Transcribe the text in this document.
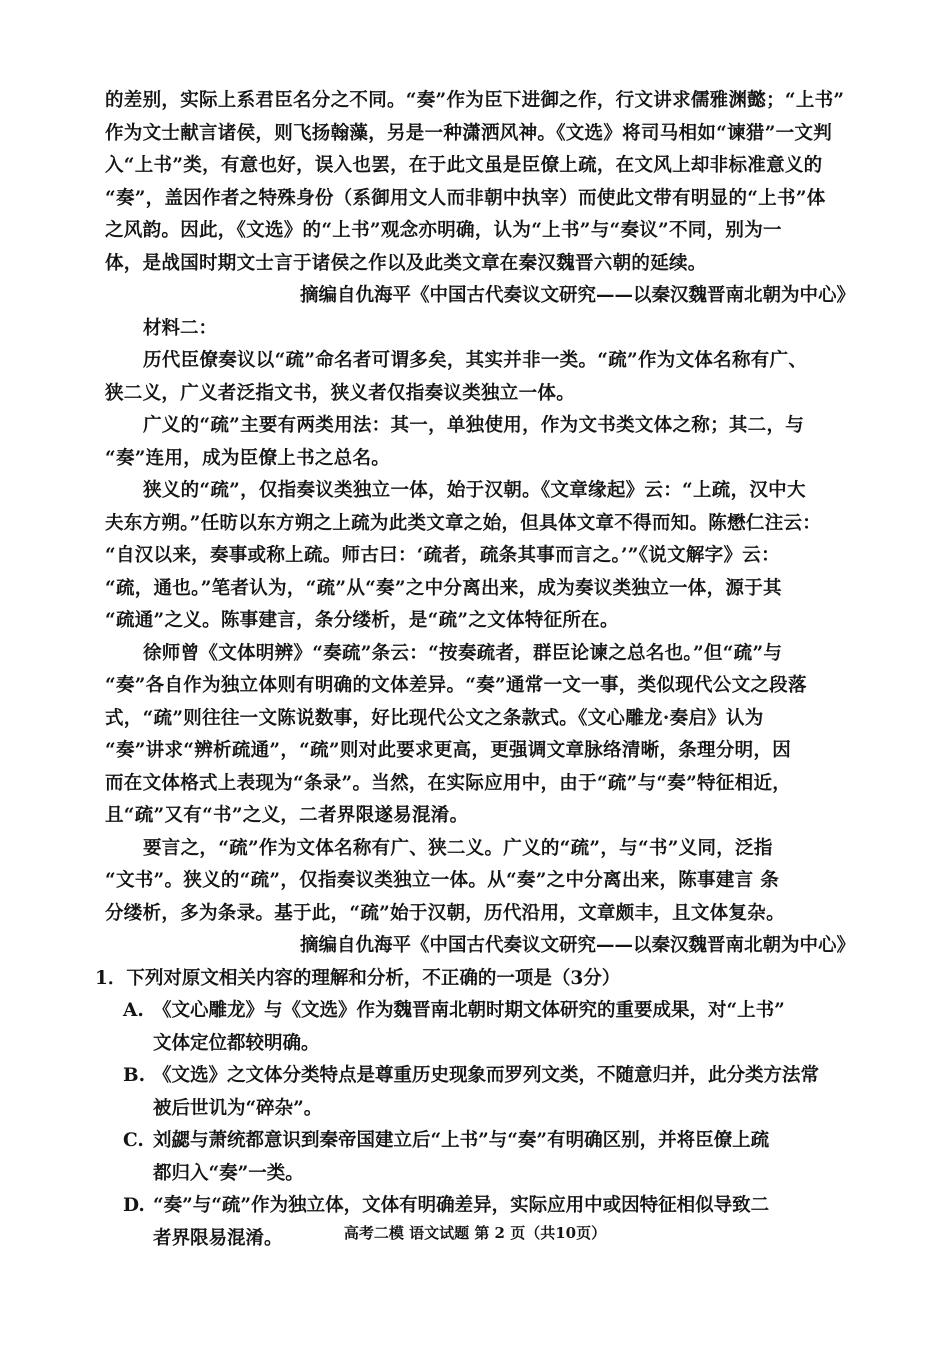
的差别，实际上系君臣名分之不同。“奏”作为臣下进御之作，行文讲求儒雅渊懿；“上书”
作为文士献言诸侯，则飞扬翰藻，另是一种潇洒风神。《文选》将司马相如“谏猎”一文判
入“上书”类，有意也好，误入也罢，在于此文虽是臣僚上疏，在文风上却非标准意义的
“奏”，盖因作者之特殊身份（系御用文人而非朝中执宰）而使此文带有明显的“上书”体
之风韵。因此，《文选》的“上书”观念亦明确，认为“上书”与“奏议”不同，别为一
体，是战国时期文士言于诸侯之作以及此类文章在秦汉魏晋六朝的延续。
摘编自仇海平《中国古代奏议文研究——以秦汉魏晋南北朝为中心》
材料二：
历代臣僚奏议以“疏”命名者可谓多矣，其实并非一类。“疏”作为文体名称有广、
狭二义，广义者泛指文书，狭义者仅指奏议类独立一体。
广义的“疏”主要有两类用法：其一，单独使用，作为文书类文体之称；其二，与
“奏”连用，成为臣僚上书之总名。
狭义的“疏”，仅指奏议类独立一体，始于汉朝。《文章缘起》云：“上疏，汉中大
夫东方朔。”任昉以东方朔之上疏为此类文章之始，但具体文章不得而知。陈懋仁注云：
“自汉以来，奏事或称上疏。师古曰：‘疏者，疏条其事而言之。’”《说文解字》云：
“疏，通也。”笔者认为，“疏”从“奏”之中分离出来，成为奏议类独立一体，源于其
“疏通”之义。陈事建言，条分缕析，是“疏”之文体特征所在。
徐师曾《文体明辨》“奏疏”条云：“按奏疏者，群臣论谏之总名也。”但“疏”与
“奏”各自作为独立体则有明确的文体差异。“奏”通常一文一事，类似现代公文之段落
式，“疏”则往往一文陈说数事，好比现代公文之条款式。《文心雕龙·奏启》认为
“奏”讲求“辨析疏通”，“疏”则对此要求更高，更强调文章脉络清晰，条理分明，因
而在文体格式上表现为“条录”。当然，在实际应用中，由于“疏”与“奏”特征相近，
且“疏”又有“书”之义，二者界限遂易混淆。
要言之，“疏”作为文体名称有广、狭二义。广义的“疏”，与“书”义同，泛指
“文书”。狭义的“疏”，仅指奏议类独立一体。从“奏”之中分离出来，陈事建言 条
分缕析，多为条录。基于此，“疏”始于汉朝，历代沿用，文章颇丰，且文体复杂。
摘编自仇海平《中国古代奏议文研究——以秦汉魏晋南北朝为中心》
1．下列对原文相关内容的理解和分析，不正确的一项是（3分）
A. 《文心雕龙》与《文选》作为魏晋南北朝时期文体研究的重要成果，对“上书”
文体定位都较明确。
B. 《文选》之文体分类特点是尊重历史现象而罗列文类，不随意归并，此分类方法常
被后世讥为“碎杂”。
C. 刘勰与萧统都意识到秦帝国建立后“上书”与“奏”有明确区别，并将臣僚上疏
都归入“奏”一类。
D. “奏”与“疏”作为独立体，文体有明确差异，实际应用中或因特征相似导致二
者界限易混淆。	高考二模 语文试题 第 2 页（共10页）
